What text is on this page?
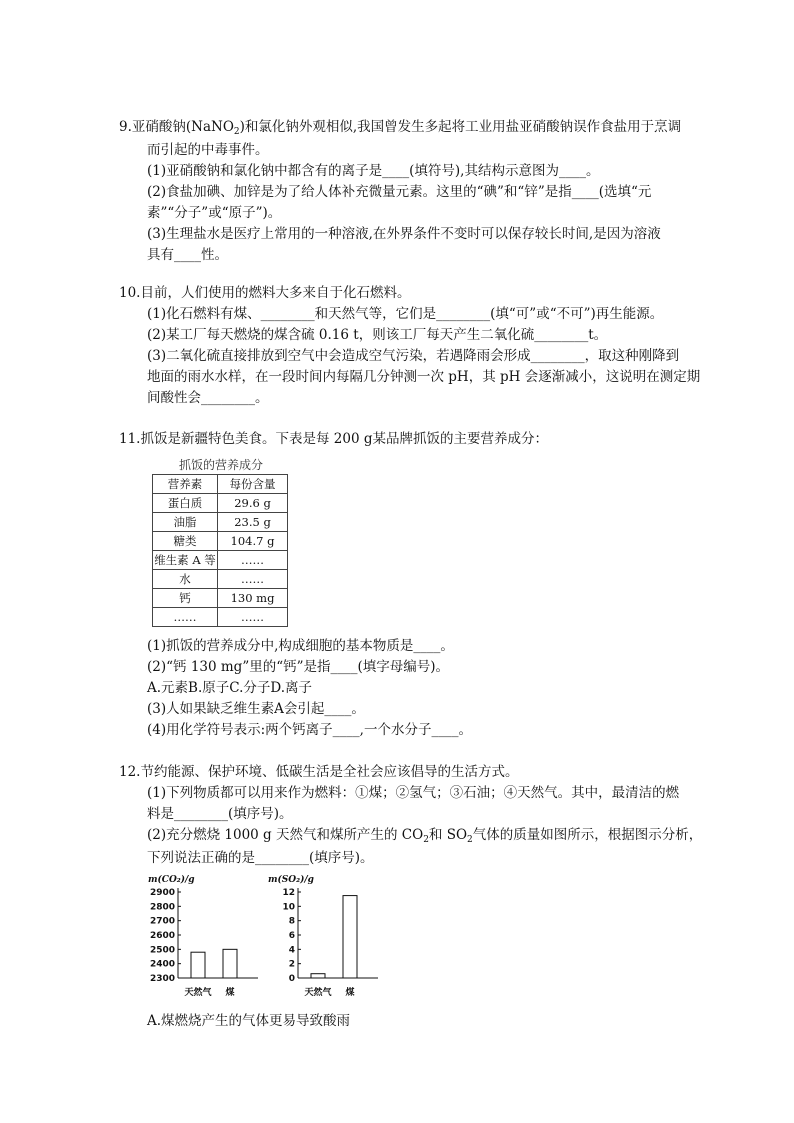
9.亚硝酸钠(NaNO$_2$)和氯化钠外观相似,我国曾发生多起将工业用盐亚硝酸钠误作食盐用于烹调
而引起的中毒事件。
(1)亚硝酸钠和氯化钠中都含有的离子是____(填符号),其结构示意图为____。
(2)食盐加碘、加锌是为了给人体补充微量元素。这里的“碘”和“锌”是指____(选填“元
素”“分子”或“原子”)。
(3)生理盐水是医疗上常用的一种溶液,在外界条件不变时可以保存较长时间,是因为溶液
具有____性。
10.目前，人们使用的燃料大多来自于化石燃料。
(1)化石燃料有煤、________和天然气等，它们是________(填“可”或“不可”)再生能源。
(2)某工厂每天燃烧的煤含硫 0.16 t，则该工厂每天产生二氧化硫________t。
(3)二氧化硫直接排放到空气中会造成空气污染，若遇降雨会形成________，取这种刚降到
地面的雨水水样，在一段时间内每隔几分钟测一次 pH，其 pH 会逐渐减小，这说明在测定期
间酸性会________。
11.抓饭是新疆特色美食。下表是每 200 g某品牌抓饭的主要营养成分：
抓饭的营养成分
营养素	每份含量
蛋白质	29.6 g
油脂	23.5 g
糖类	104.7 g
维生素 A 等	……
水	……
钙	130 mg
……	……
(1)抓饭的营养成分中,构成细胞的基本物质是____。
(2)“钙 130 mg”里的“钙”是指____(填字母编号)。
A.元素B.原子C.分子D.离子
(3)人如果缺乏维生素A会引起____。
(4)用化学符号表示:两个钙离子____,一个水分子____。
12.节约能源、保护环境、低碳生活是全社会应该倡导的生活方式。
(1)下列物质都可以用来作为燃料：①煤；②氢气；③石油；④天然气。其中，最清洁的燃
料是________(填序号)。
(2)充分燃烧 1000 g 天然气和煤所产生的 $CO_2$和 $SO_2$气体的质量如图所示，根据图示分析，
下列说法正确的是________(填序号)。
m(CO₂)/g
2900
2800
2700
2600
2500
2400
2300
天然气 煤
m(SO₂)/g
12
10
8
6
4
2
0
天然气 煤
A.煤燃烧产生的气体更易导致酸雨
